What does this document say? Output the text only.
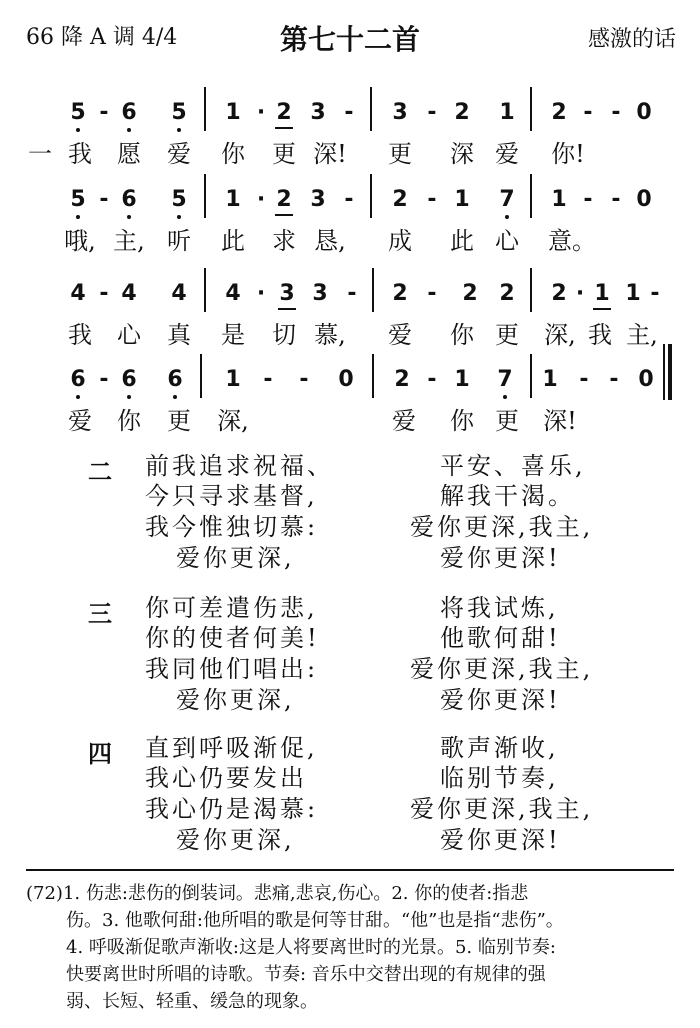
66 降 A 调 4/4	第七十二首	感激的话
5 - 6 5 1 · 2 3 -	3 - 2 1 2 - - 0
一 我	愿	爱	你	更 深!	更	深 爱	你!
5 - 6 5 1 · 2 3 -	2 - 1 7 1 - - 0
哦, 主, 听	此	求 恳,	成	此 心	意。
4 - 4 4 4 · 3 3 -	2 -	2 2 2 · 1 1 -
我	心	真	是	切 慕,	爱	你 更	深, 我 主,
6 - 6 6 1	-	-	0 2 - 1 7 1 - - 0
爱	你	更	深,	爱	你 更	深!
二 前我追求祝福、	平安、喜乐,
今只寻求基督,	解我干渴。
我今惟独切慕:	爱你更深,我主,
爱你更深,	爱你更深!
三 你可差遣伤悲,	将我试炼,
你的使者何美!	他歌何甜!
我同他们唱出:	爱你更深,我主,
爱你更深,	爱你更深!
四 直到呼吸渐促,	歌声渐收,
我心仍要发出	临别节奏,
我心仍是渴慕:	爱你更深,我主,
爱你更深,	爱你更深!
(72)1. 伤悲:悲伤的倒装词。悲痛,悲哀,伤心。2. 你的使者:指悲
伤。3. 他歌何甜:他所唱的歌是何等甘甜。“他”也是指“悲伤”。
4. 呼吸渐促歌声渐收:这是人将要离世时的光景。5. 临别节奏:
快要离世时所唱的诗歌。节奏: 音乐中交替出现的有规律的强
弱、长短、轻重、缓急的现象。
